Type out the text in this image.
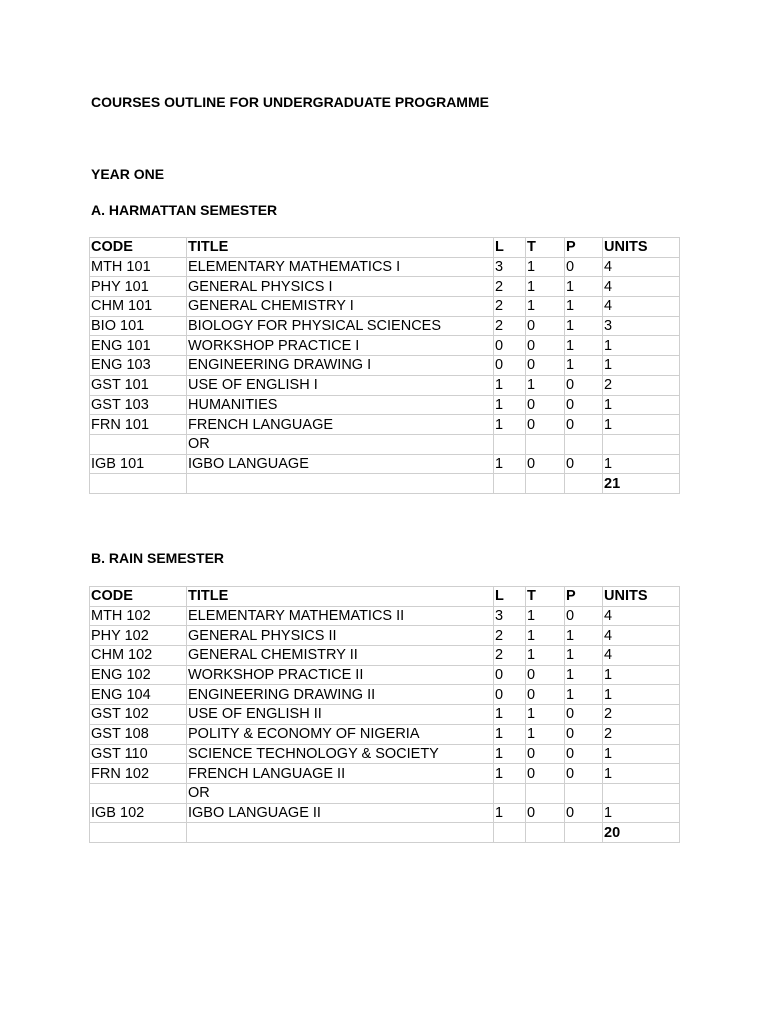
COURSES OUTLINE FOR UNDERGRADUATE PROGRAMME
YEAR ONE
A. HARMATTAN SEMESTER
CODE	TITLE	L	T	P	UNITS
MTH 101	ELEMENTARY MATHEMATICS I	3	1	0	4
PHY 101	GENERAL PHYSICS I	2	1	1	4
CHM 101	GENERAL CHEMISTRY I	2	1	1	4
BIO 101	BIOLOGY FOR PHYSICAL SCIENCES	2	0	1	3
ENG 101	WORKSHOP PRACTICE I	0	0	1	1
ENG 103	ENGINEERING DRAWING I	0	0	1	1
GST 101	USE OF ENGLISH I	1	1	0	2
GST 103	HUMANITIES	1	0	0	1
FRN 101	FRENCH LANGUAGE	1	0	0	1
	OR				
IGB 101	IGBO LANGUAGE	1	0	0	1
					21
B. RAIN SEMESTER
CODE	TITLE	L	T	P	UNITS
MTH 102	ELEMENTARY MATHEMATICS II	3	1	0	4
PHY 102	GENERAL PHYSICS II	2	1	1	4
CHM 102	GENERAL CHEMISTRY II	2	1	1	4
ENG 102	WORKSHOP PRACTICE II	0	0	1	1
ENG 104	ENGINEERING DRAWING II	0	0	1	1
GST 102	USE OF ENGLISH II	1	1	0	2
GST 108	POLITY & ECONOMY OF NIGERIA	1	1	0	2
GST 110	SCIENCE TECHNOLOGY & SOCIETY	1	0	0	1
FRN 102	FRENCH LANGUAGE II	1	0	0	1
	OR				
IGB 102	IGBO LANGUAGE II	1	0	0	1
					20
